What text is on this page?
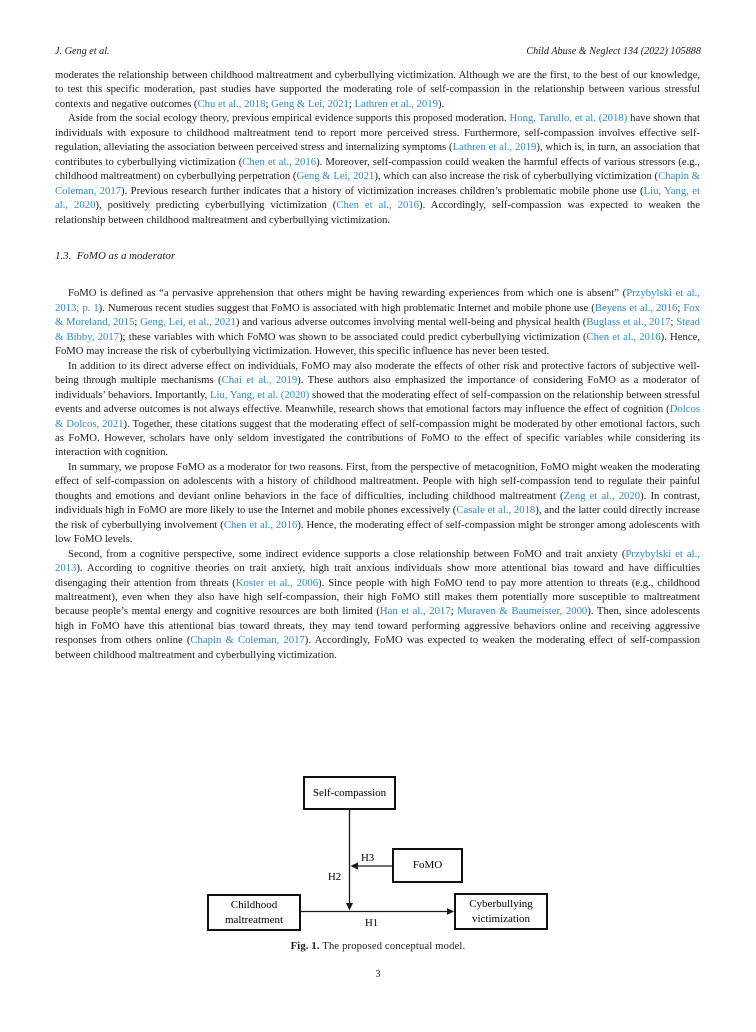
J. Geng et al.	Child Abuse & Neglect 134 (2022) 105888

moderates the relationship between childhood maltreatment and cyberbullying victimization. Although we are the first, to the best of our knowledge, to test this specific moderation, past studies have supported the moderating role of self-compassion in the relationship between various stressful contexts and negative outcomes (Chu et al., 2018; Geng & Lei, 2021; Lathren et al., 2019).

Aside from the social ecology theory, previous empirical evidence supports this proposed moderation. Hong, Tarullo, et al. (2018) have shown that individuals with exposure to childhood maltreatment tend to report more perceived stress. Furthermore, self-compassion involves effective self-regulation, alleviating the association between perceived stress and internalizing symptoms (Lathren et al., 2019), which is, in turn, an association that contributes to cyberbullying victimization (Chen et al., 2016). Moreover, self-compassion could weaken the harmful effects of various stressors (e.g., childhood maltreatment) on cyberbullying perpetration (Geng & Lei, 2021), which can also increase the risk of cyberbullying victimization (Chapin & Coleman, 2017). Previous research further indicates that a history of victimization increases children’s problematic mobile phone use (Liu, Yang, et al., 2020), positively predicting cyberbullying victimization (Chen et al., 2016). Accordingly, self-compassion was expected to weaken the relationship between childhood maltreatment and cyberbullying victimization.

1.3.  FoMO as a moderator

FoMO is defined as “a pervasive apprehension that others might be having rewarding experiences from which one is absent” (Przybylski et al., 2013; p. 1). Numerous recent studies suggest that FoMO is associated with high problematic Internet and mobile phone use (Beyens et al., 2016; Fox & Moreland, 2015; Geng, Lei, et al., 2021) and various adverse outcomes involving mental well-being and physical health (Buglass et al., 2017; Stead & Bibby, 2017); these variables with which FoMO was shown to be associated could predict cyberbullying victimization (Chen et al., 2016). Hence, FoMO may increase the risk of cyberbullying victimization. However, this specific influence has never been tested.

In addition to its direct adverse effect on individuals, FoMO may also moderate the effects of other risk and protective factors of subjective well-being through multiple mechanisms (Chai et al., 2019). These authors also emphasized the importance of considering FoMO as a moderator of individuals’ behaviors. Importantly, Liu, Yang, et al. (2020) showed that the moderating effect of self-compassion on the relationship between stressful events and adverse outcomes is not always effective. Meanwhile, research shows that emotional factors may influence the effect of cognition (Dolcos & Dolcos, 2021). Together, these citations suggest that the moderating effect of self-compassion might be moderated by other emotional factors, such as FoMO. However, scholars have only seldom investigated the contributions of FoMO to the effect of specific variables while considering its interaction with cognition.

In summary, we propose FoMO as a moderator for two reasons. First, from the perspective of metacognition, FoMO might weaken the moderating effect of self-compassion on adolescents with a history of childhood maltreatment. People with high self-compassion tend to regulate their painful thoughts and emotions and deviant online behaviors in the face of difficulties, including childhood maltreatment (Zeng et al., 2020). In contrast, individuals high in FoMO are more likely to use the Internet and mobile phones excessively (Casale et al., 2018), and the latter could directly increase the risk of cyberbullying involvement (Chen et al., 2016). Hence, the moderating effect of self-compassion might be stronger among adolescents with low FoMO levels.

Second, from a cognitive perspective, some indirect evidence supports a close relationship between FoMO and trait anxiety (Przybylski et al., 2013). According to cognitive theories on trait anxiety, high trait anxious individuals show more attentional bias toward and have difficulties disengaging their attention from threats (Koster et al., 2006). Since people with high FoMO tend to pay more attention to threats (e.g., childhood maltreatment), even when they also have high self-compassion, their high FoMO still makes them potentially more susceptible to maltreatment because people’s mental energy and cognitive resources are both limited (Han et al., 2017; Muraven & Baumeister, 2000). Then, since adolescents high in FoMO have this attentional bias toward threats, they may tend toward performing aggressive behaviors online and receiving aggressive responses from others online (Chapin & Coleman, 2017). Accordingly, FoMO was expected to weaken the moderating effect of self-compassion between childhood maltreatment and cyberbullying victimization.

Self-compassion
FoMO
Childhood maltreatment
Cyberbullying victimization
H3
H2
H1
Fig. 1. The proposed conceptual model.
3
